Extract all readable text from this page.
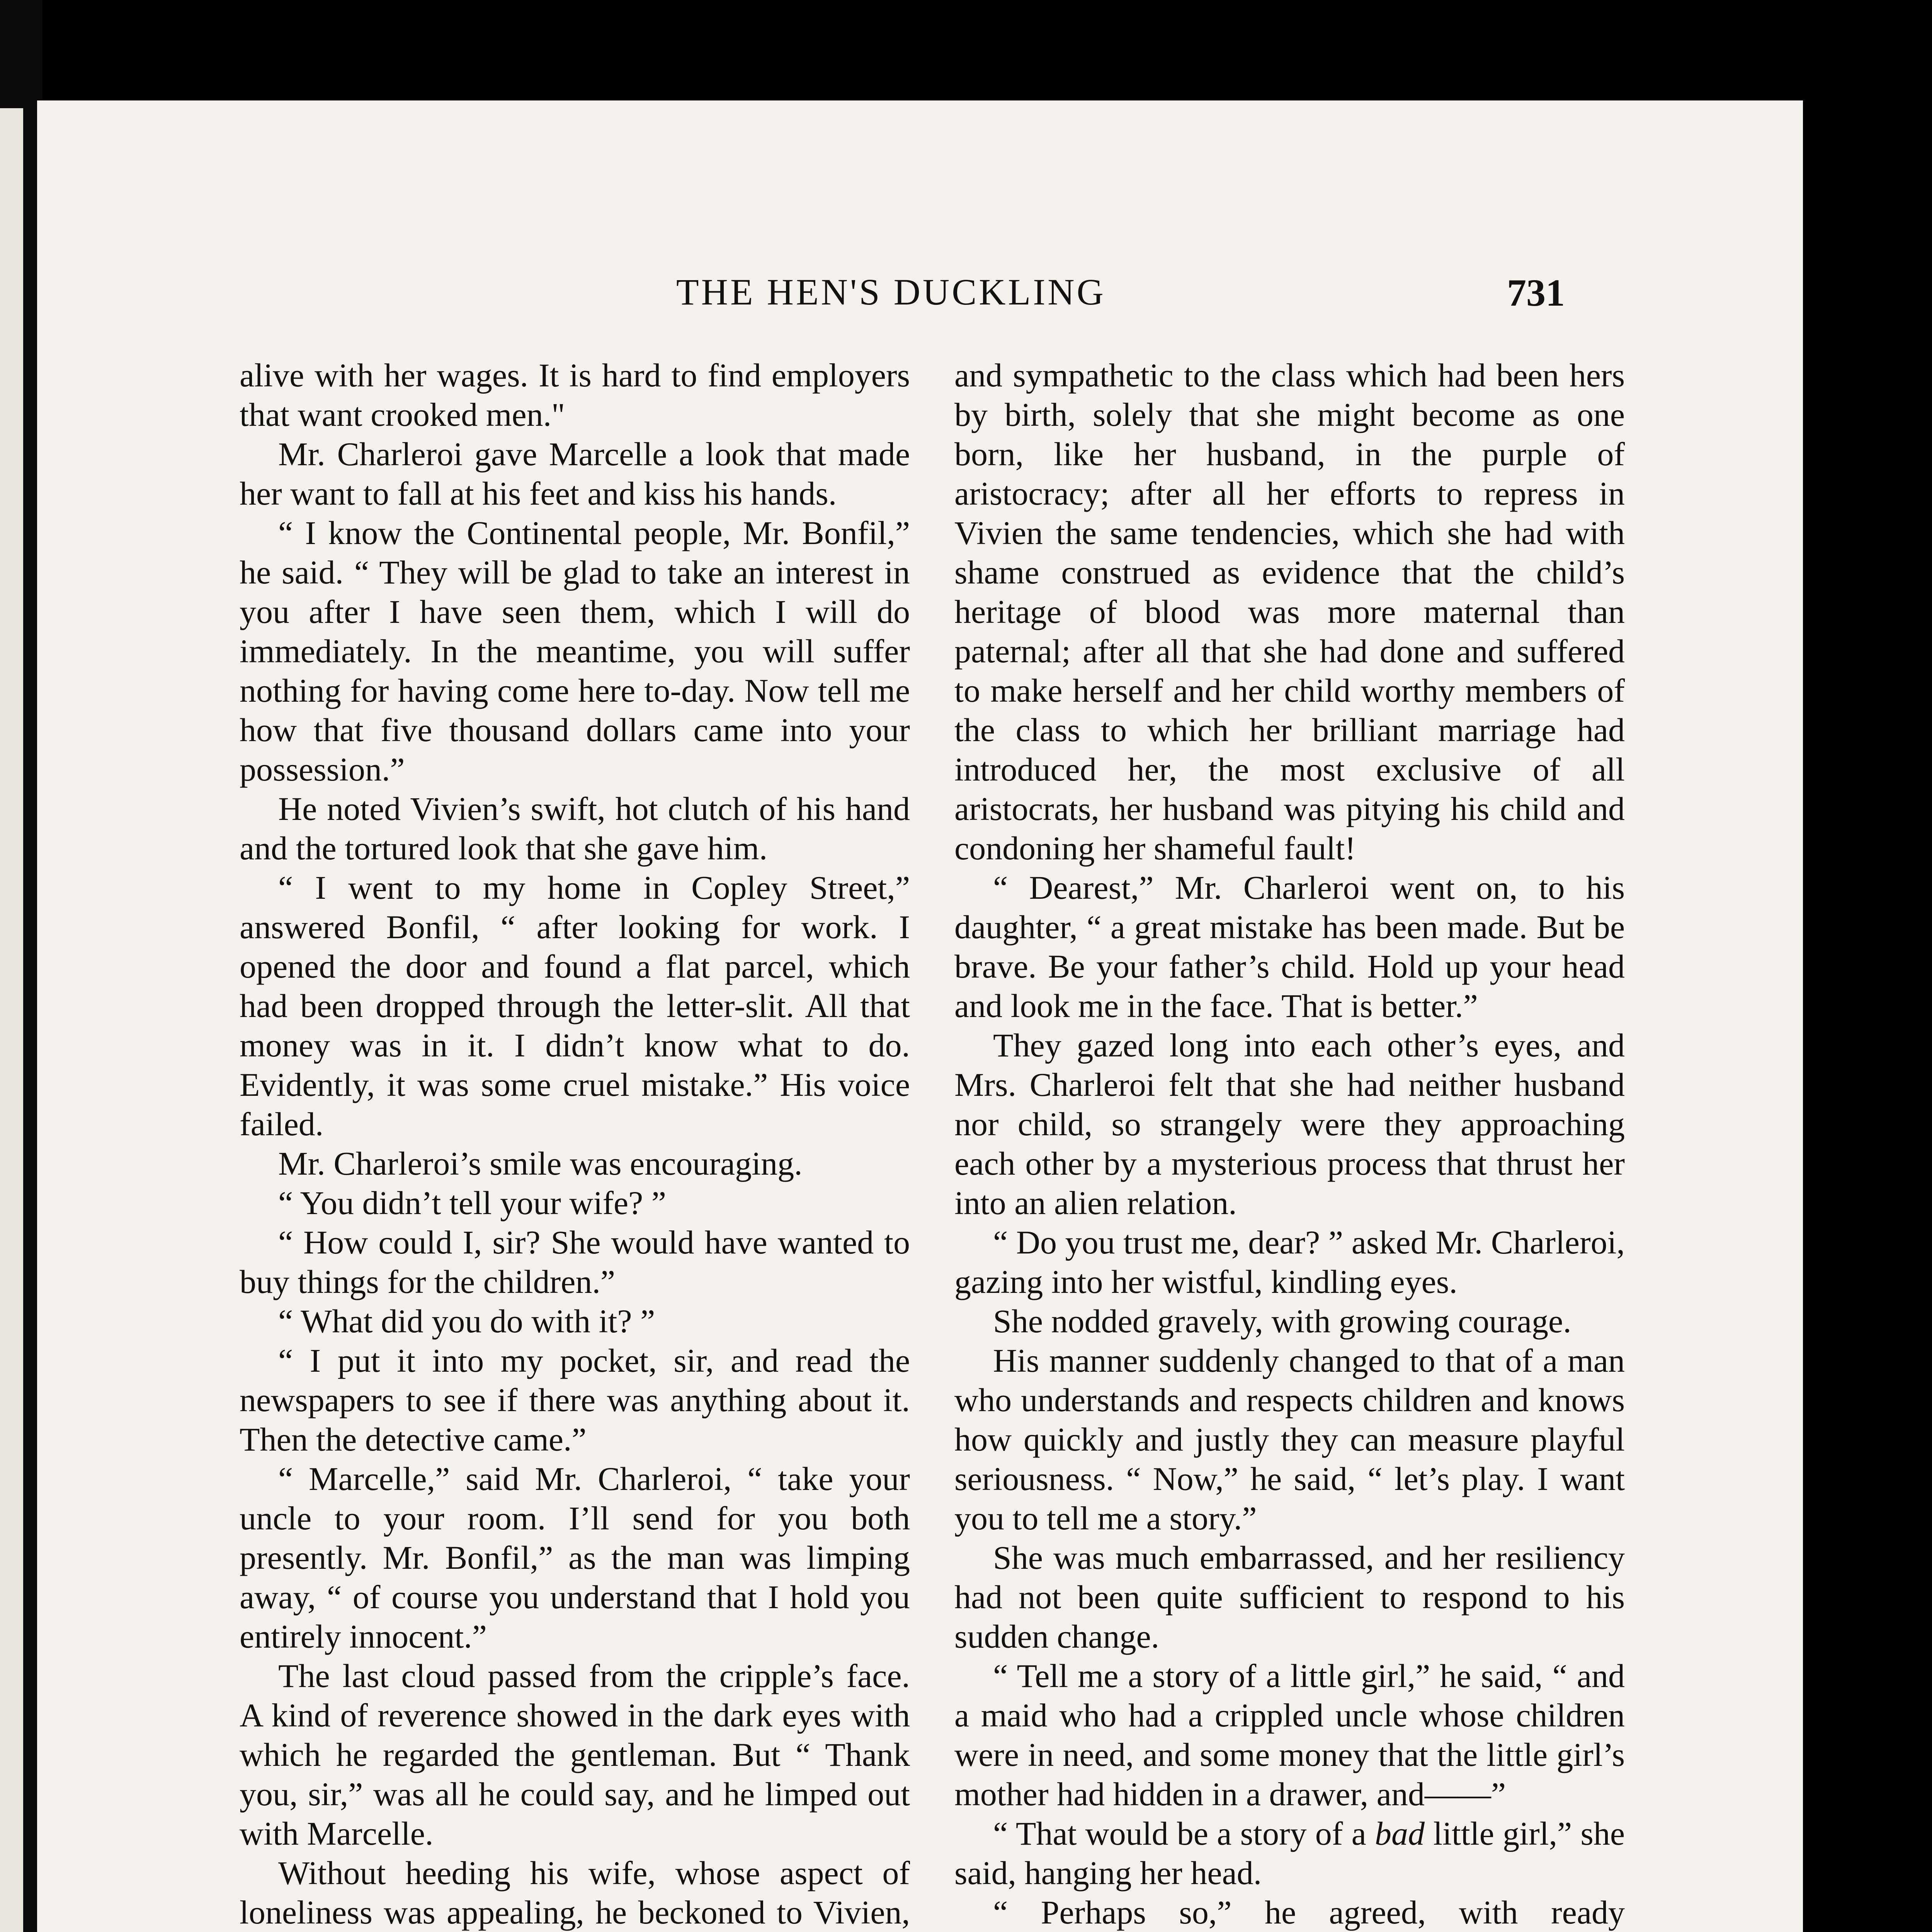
THE HEN'S DUCKLING	731

alive with her wages. It is hard to find employers that want crooked men."

Mr. Charleroi gave Marcelle a look that made her want to fall at his feet and kiss his hands.

“ I know the Continental people, Mr. Bonfil,” he said. “ They will be glad to take an interest in you after I have seen them, which I will do immediately. In the meantime, you will suffer nothing for having come here to-day. Now tell me how that five thousand dollars came into your possession.”

He noted Vivien’s swift, hot clutch of his hand and the tortured look that she gave him.

“ I went to my home in Copley Street,” answered Bonfil, “ after looking for work. I opened the door and found a flat parcel, which had been dropped through the letter-slit. All that money was in it. I didn’t know what to do. Evidently, it was some cruel mistake.” His voice failed.

Mr. Charleroi’s smile was encouraging.

“ You didn’t tell your wife? ”

“ How could I, sir? She would have wanted to buy things for the children.”

“ What did you do with it? ”

“ I put it into my pocket, sir, and read the newspapers to see if there was anything about it. Then the detective came.”

“ Marcelle,” said Mr. Charleroi, “ take your uncle to your room. I’ll send for you both presently. Mr. Bonfil,” as the man was limping away, “ of course you understand that I hold you entirely innocent.”

The last cloud passed from the cripple’s face. A kind of reverence showed in the dark eyes with which he regarded the gentleman. But “ Thank you, sir,” was all he could say, and he limped out with Marcelle.

Without heeding his wife, whose aspect of loneliness was appealing, he beckoned to Vivien,

and sympathetic to the class which had been hers by birth, solely that she might become as one born, like her husband, in the purple of aristocracy; after all her efforts to repress in Vivien the same tendencies, which she had with shame construed as evidence that the child’s heritage of blood was more maternal than paternal; after all that she had done and suffered to make herself and her child worthy members of the class to which her brilliant marriage had introduced her, the most exclusive of all aristocrats, her husband was pitying his child and condoning her shameful fault!

“ Dearest,” Mr. Charleroi went on, to his daughter, “ a great mistake has been made. But be brave. Be your father’s child. Hold up your head and look me in the face. That is better.”

They gazed long into each other’s eyes, and Mrs. Charleroi felt that she had neither husband nor child, so strangely were they approaching each other by a mysterious process that thrust her into an alien relation.

“ Do you trust me, dear? ” asked Mr. Charleroi, gazing into her wistful, kindling eyes.

She nodded gravely, with growing courage.

His manner suddenly changed to that of a man who understands and respects children and knows how quickly and justly they can measure playful seriousness. “ Now,” he said, “ let’s play. I want you to tell me a story.”

She was much embarrassed, and her resiliency had not been quite sufficient to respond to his sudden change.

“ Tell me a story of a little girl,” he said, “ and a maid who had a crippled uncle whose children were in need, and some money that the little girl’s mother had hidden in a drawer, and——”

“ That would be a story of a bad little girl,” she said, hanging her head.

“ Perhaps so,” he agreed, with ready
